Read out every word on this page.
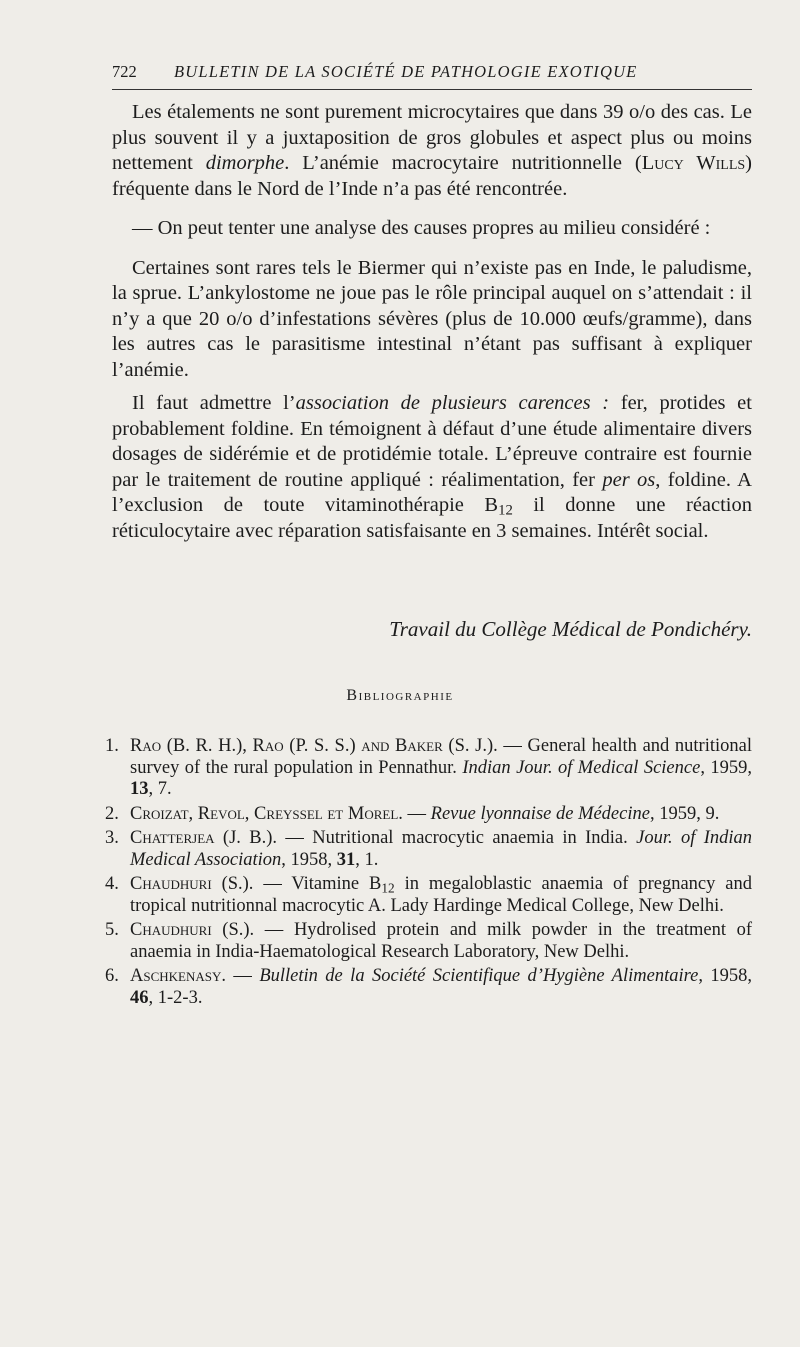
722 BULLETIN DE LA SOCIÉTÉ DE PATHOLOGIE EXOTIQUE

Les étalements ne sont purement microcytaires que dans 39 o/o des cas. Le plus souvent il y a juxtaposition de gros globules et aspect plus ou moins nettement dimorphe. L’anémie macrocytaire nutritionnelle (Lucy Wills) fréquente dans le Nord de l’Inde n’a pas été rencontrée.

— On peut tenter une analyse des causes propres au milieu considéré :

Certaines sont rares tels le Biermer qui n’existe pas en Inde, le paludisme, la sprue. L’ankylostome ne joue pas le rôle principal auquel on s’attendait : il n’y a que 20 o/o d’infestations sévères (plus de 10.000 œufs/gramme), dans les autres cas le parasitisme intestinal n’étant pas suffisant à expliquer l’anémie.

Il faut admettre l’association de plusieurs carences : fer, protides et probablement foldine. En témoignent à défaut d’une étude alimentaire divers dosages de sidérémie et de protidémie totale. L’épreuve contraire est fournie par le traitement de routine appliqué : réalimentation, fer per os, foldine. A l’exclusion de toute vitaminothérapie $B_{12}$ il donne une réaction réticulocytaire avec réparation satisfaisante en 3 semaines. Intérêt social.

Travail du Collège Médical de Pondichéry.
Bibliographie
1. Rao (B. R. H.), Rao (P. S. S.) and Baker (S. J.). — General health and nutritional survey of the rural population in Pennathur. Indian Jour. of Medical Science, 1959, 13, 7.
2. Croizat, Revol, Creyssel et Morel. — Revue lyonnaise de Médecine, 1959, 9.
3. Chatterjea (J. B.). — Nutritional macrocytic anaemia in India. Jour. of Indian Medical Association, 1958, 31, 1.
4. Chaudhuri (S.). — Vitamine $B_{12}$ in megaloblastic anaemia of pregnancy and tropical nutritionnal macrocytic A. Lady Hardinge Medical College, New Delhi.
5. Chaudhuri (S.). — Hydrolised protein and milk powder in the treatment of anaemia in India-Haematological Research Laboratory, New Delhi.
6. Aschkenasy. — Bulletin de la Société Scientifique d’Hygiène Alimentaire, 1958, 46, 1-2-3.
